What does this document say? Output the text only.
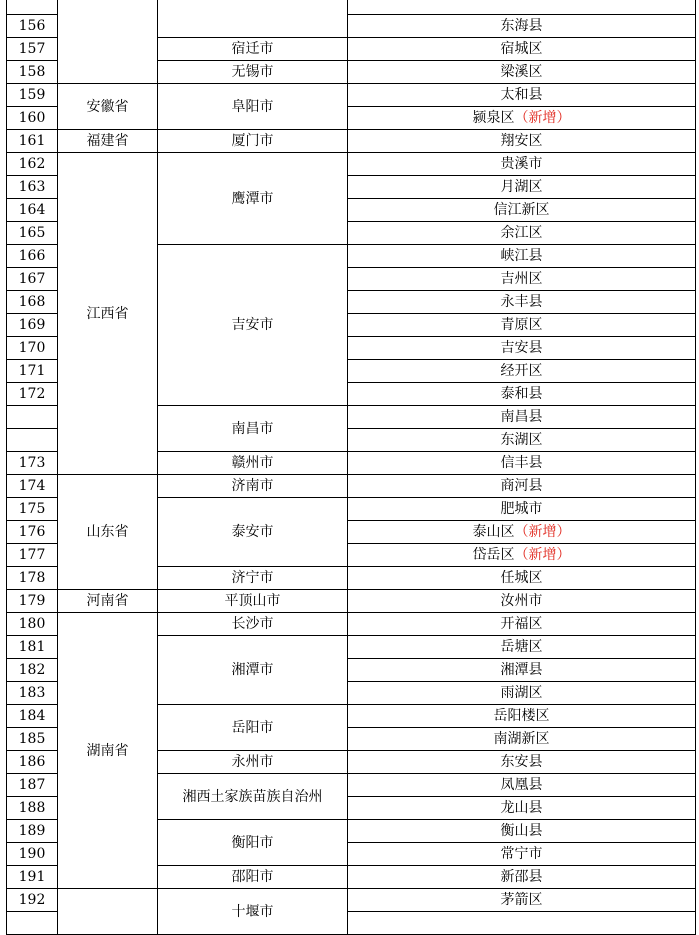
156			东海县
157		宿迁市	宿城区
158		无锡市	梁溪区
159	安徽省	阜阳市	太和县
160			颍泉区（新增）
161	福建省	厦门市	翔安区
162	江西省	鹰潭市	贵溪市
163			月湖区
164			信江新区
165			余江区
166		吉安市	峡江县
167			吉州区
168			永丰县
169			青原区
170			吉安县
171			经开区
172			泰和县
		南昌市	南昌县
			东湖区
173		赣州市	信丰县
174	山东省	济南市	商河县
175		泰安市	肥城市
176			泰山区（新增）
177			岱岳区（新增）
178		济宁市	任城区
179	河南省	平顶山市	汝州市
180	湖南省	长沙市	开福区
181		湘潭市	岳塘区
182			湘潭县
183			雨湖区
184		岳阳市	岳阳楼区
185			南湖新区
186		永州市	东安县
187		湘西土家族苗族自治州	凤凰县
188			龙山县
189		衡阳市	衡山县
190			常宁市
191		邵阳市	新邵县
192		十堰市	茅箭区
